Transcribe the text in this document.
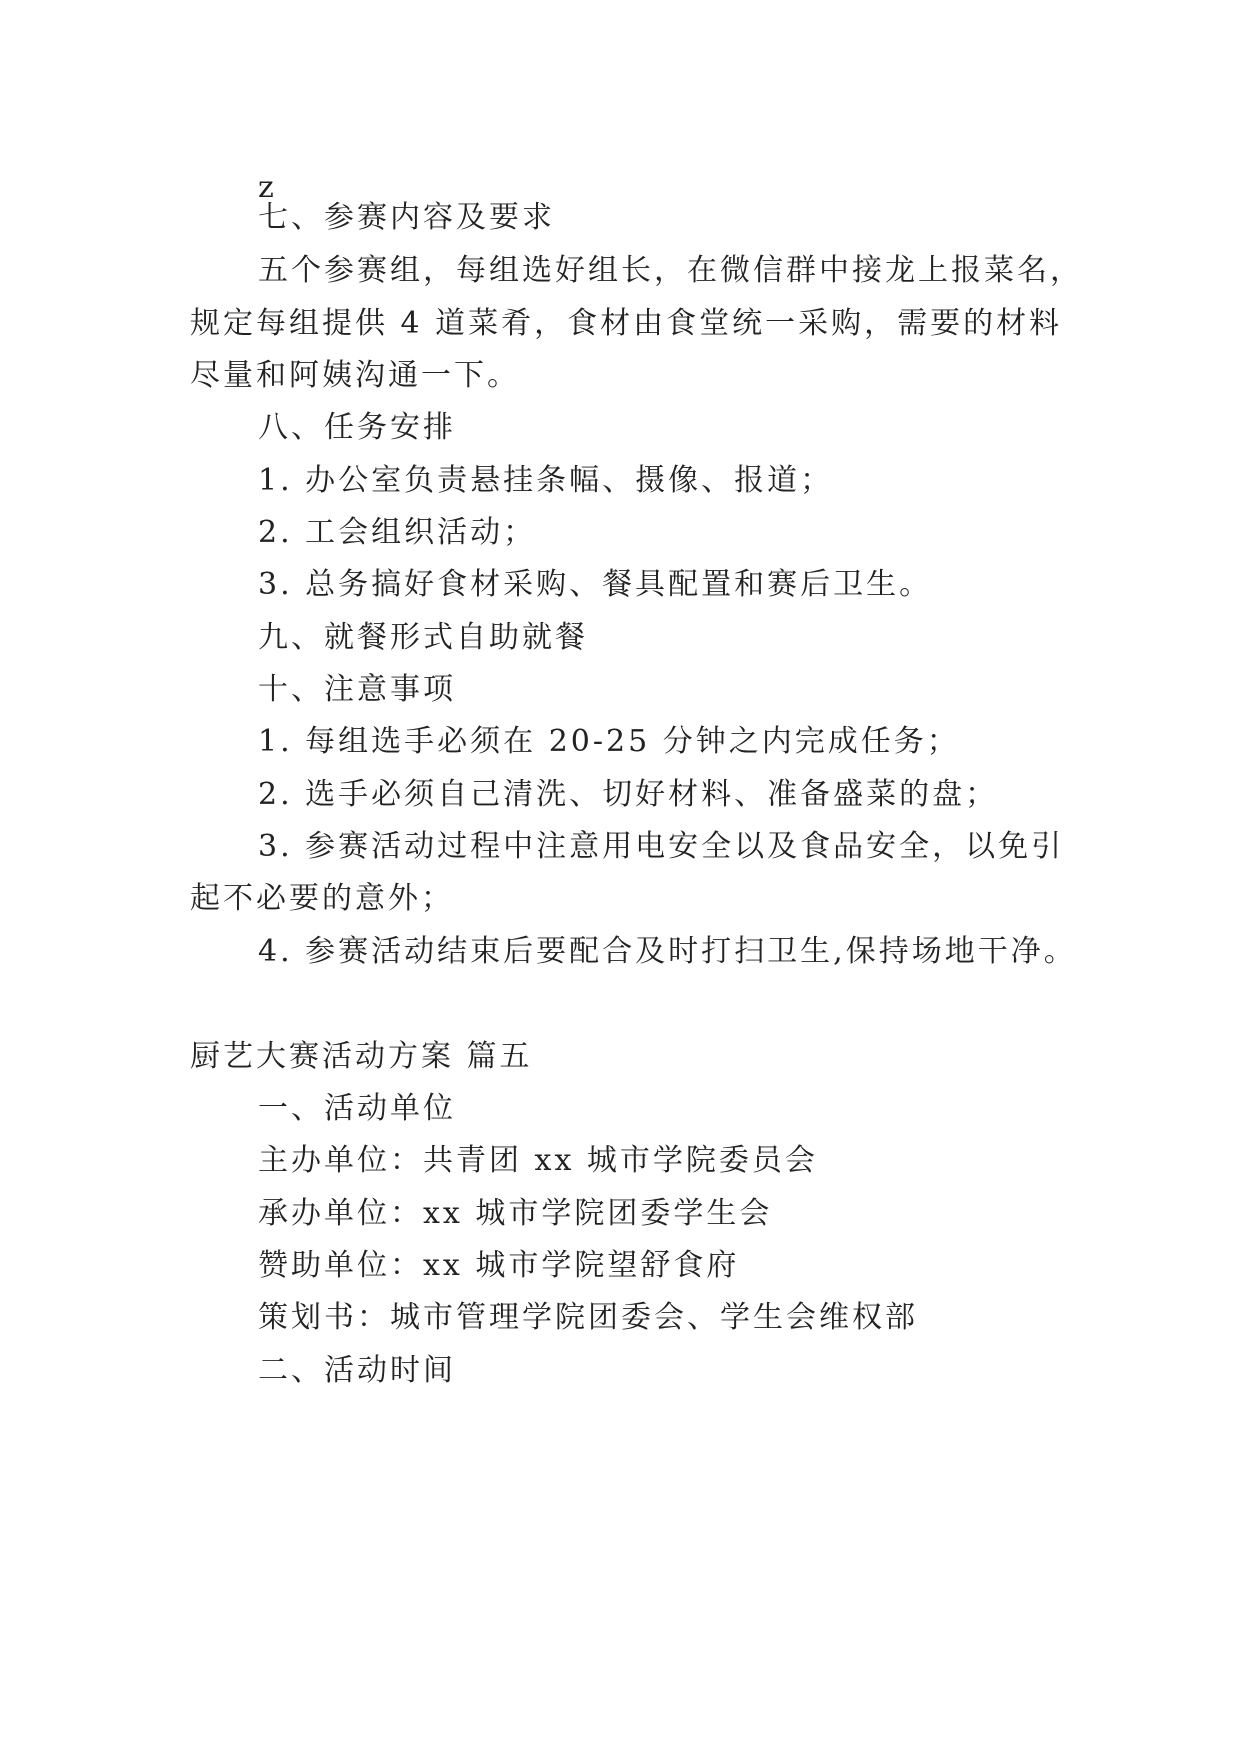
z
七、参赛内容及要求
五个参赛组，每组选好组长，在微信群中接龙上报菜名，
规定每组提供 4 道菜肴，食材由食堂统一采购，需要的材料
尽量和阿姨沟通一下。
八、任务安排
1. 办公室负责悬挂条幅、摄像、报道；
2. 工会组织活动；
3. 总务搞好食材采购、餐具配置和赛后卫生。
九、就餐形式自助就餐
十、注意事项
1. 每组选手必须在 20-25 分钟之内完成任务；
2. 选手必须自己清洗、切好材料、准备盛菜的盘；
3. 参赛活动过程中注意用电安全以及食品安全，以免引
起不必要的意外；
4. 参赛活动结束后要配合及时打扫卫生,保持场地干净。
厨艺大赛活动方案 篇五
一、活动单位
主办单位：共青团 xx 城市学院委员会
承办单位：xx 城市学院团委学生会
赞助单位：xx 城市学院望舒食府
策划书：城市管理学院团委会、学生会维权部
二、活动时间
